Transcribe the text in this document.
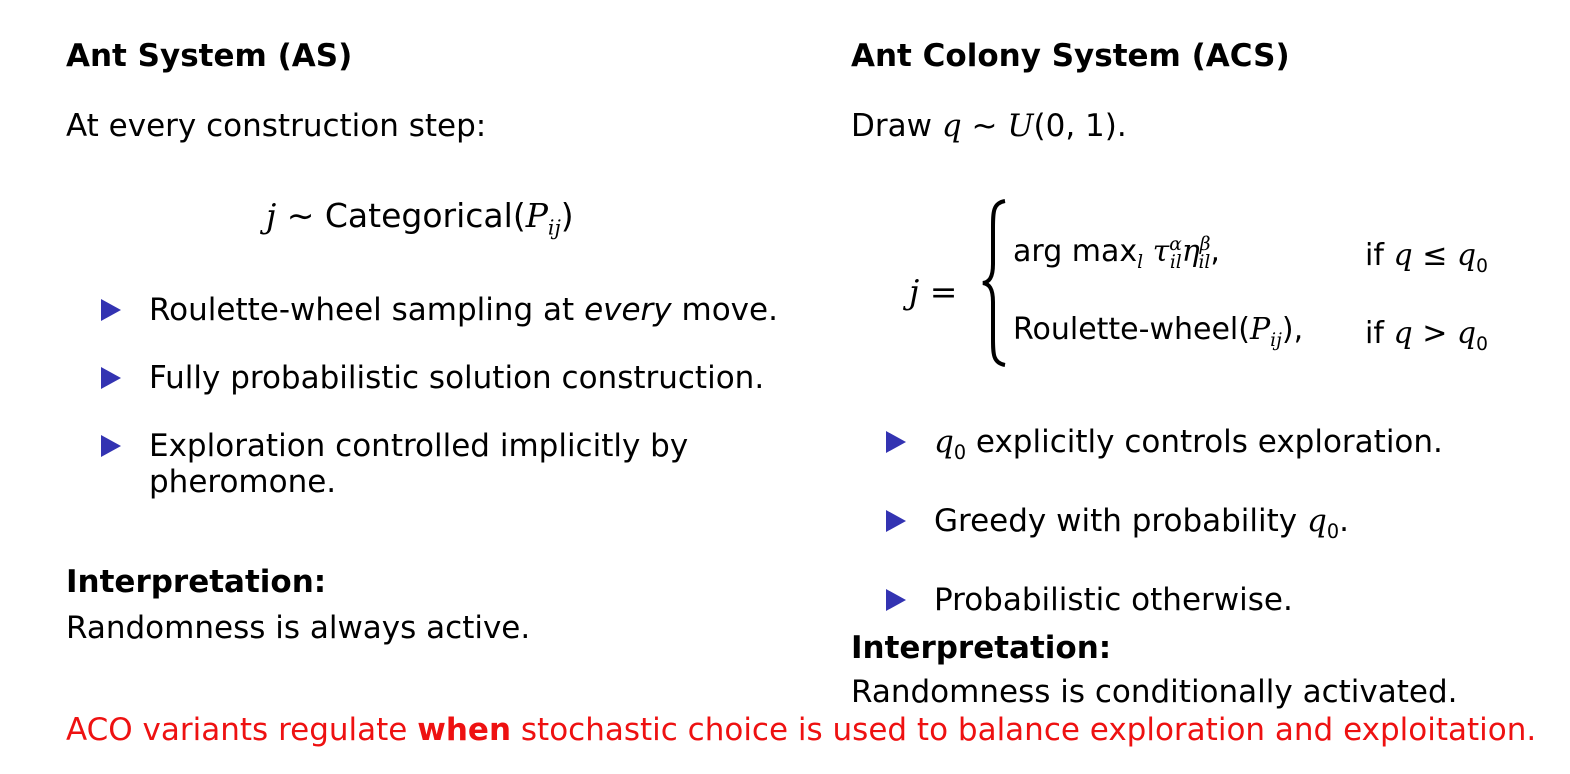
Ant System (AS)
At every construction step:
j ∼ $Categorical(P_{ij})$
Roulette-wheel sampling at every move.
Fully probabilistic solution construction.
Exploration controlled implicitly by pheromone.
Interpretation:
Randomness is always active.
Ant Colony System (ACS)
Draw q ∼ U(0, 1).
j =
arg $\max_l \tau^\alpha_{il}\eta^\beta_{il}$,	if $q \le q_0$
Roulette-$wheel(P_{ij})$, if $q > q_0$
$q_0$ explicitly controls exploration.
Greedy with probability $q_0$.
Probabilistic otherwise.
Interpretation:
Randomness is conditionally activated.
ACO variants regulate when stochastic choice is used to balance exploration and exploitation.
